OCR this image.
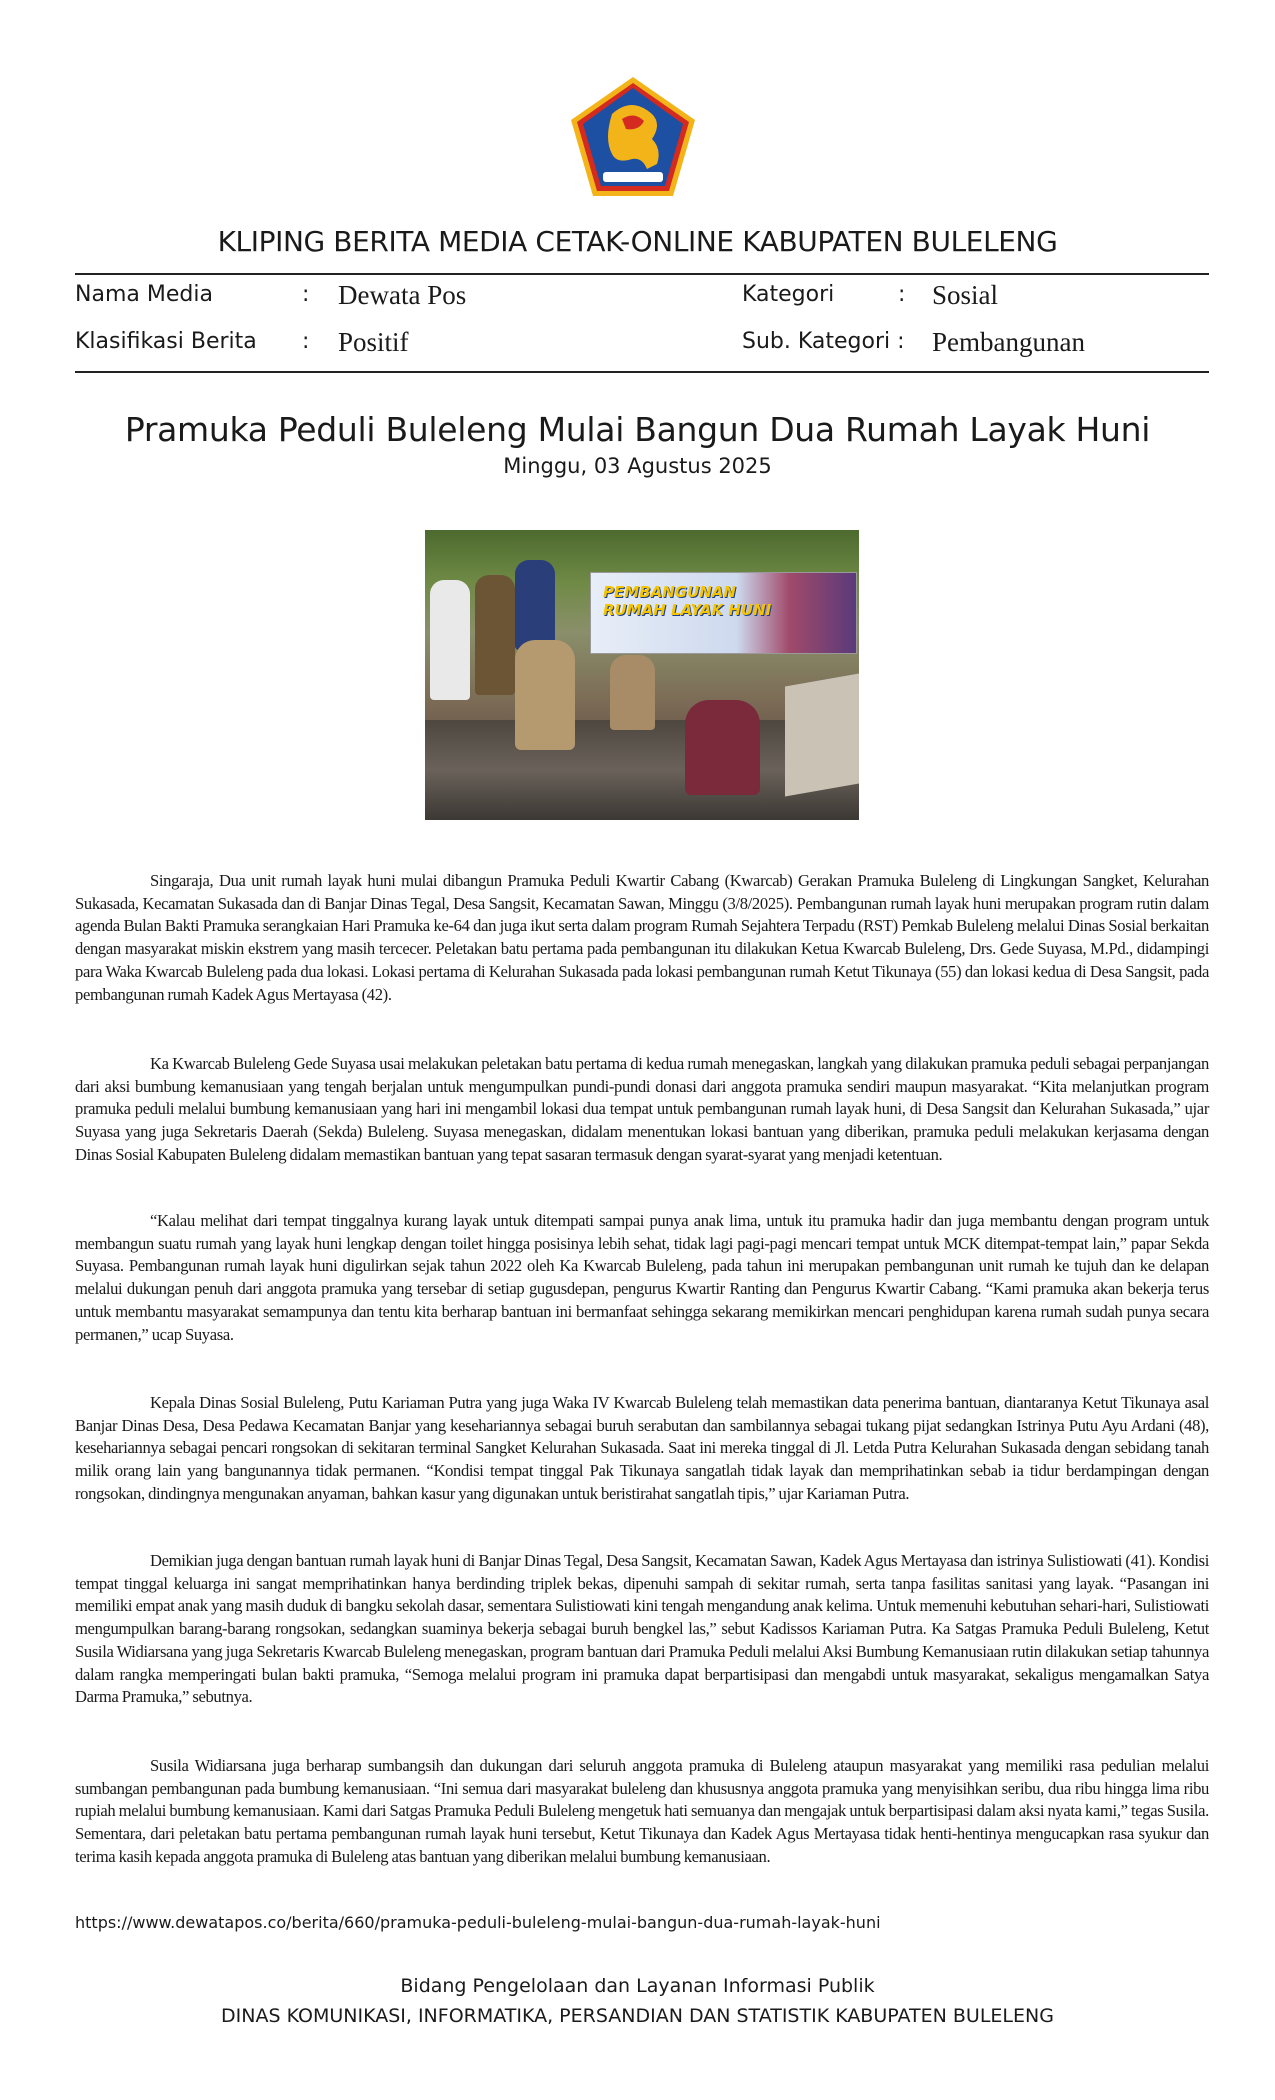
KLIPING BERITA MEDIA CETAK-ONLINE KABUPATEN BULELENG
Nama Media	: Dewata Pos	Kategori	: Sosial
Klasifikasi Berita : Positif	Sub. Kategori : Pembangunan
Pramuka Peduli Buleleng Mulai Bangun Dua Rumah Layak Huni
Minggu, 03 Agustus 2025
PEMBANGUNAN RUMAH LAYAK HUNI

Singaraja, Dua unit rumah layak huni mulai dibangun Pramuka Peduli Kwartir Cabang (Kwarcab) Gerakan Pramuka Buleleng di Lingkungan Sangket, Kelurahan Sukasada, Kecamatan Sukasada dan di Banjar Dinas Tegal, Desa Sangsit, Kecamatan Sawan, Minggu (3/8/2025). Pembangunan rumah layak huni merupakan program rutin dalam agenda Bulan Bakti Pramuka serangkaian Hari Pramuka ke-64 dan juga ikut serta dalam program Rumah Sejahtera Terpadu (RST) Pemkab Buleleng melalui Dinas Sosial berkaitan dengan masyarakat miskin ekstrem yang masih tercecer. Peletakan batu pertama pada pembangunan itu dilakukan Ketua Kwarcab Buleleng, Drs. Gede Suyasa, M.Pd., didampingi para Waka Kwarcab Buleleng pada dua lokasi. Lokasi pertama di Kelurahan Sukasada pada lokasi pembangunan rumah Ketut Tikunaya (55) dan lokasi kedua di Desa Sangsit, pada pembangunan rumah Kadek Agus Mertayasa (42).

Ka Kwarcab Buleleng Gede Suyasa usai melakukan peletakan batu pertama di kedua rumah menegaskan, langkah yang dilakukan pramuka peduli sebagai perpanjangan dari aksi bumbung kemanusiaan yang tengah berjalan untuk mengumpulkan pundi-pundi donasi dari anggota pramuka sendiri maupun masyarakat. “Kita melanjutkan program pramuka peduli melalui bumbung kemanusiaan yang hari ini mengambil lokasi dua tempat untuk pembangunan rumah layak huni, di Desa Sangsit dan Kelurahan Sukasada,” ujar Suyasa yang juga Sekretaris Daerah (Sekda) Buleleng. Suyasa menegaskan, didalam menentukan lokasi bantuan yang diberikan, pramuka peduli melakukan kerjasama dengan Dinas Sosial Kabupaten Buleleng didalam memastikan bantuan yang tepat sasaran termasuk dengan syarat-syarat yang menjadi ketentuan.

“Kalau melihat dari tempat tinggalnya kurang layak untuk ditempati sampai punya anak lima, untuk itu pramuka hadir dan juga membantu dengan program untuk membangun suatu rumah yang layak huni lengkap dengan toilet hingga posisinya lebih sehat, tidak lagi pagi-pagi mencari tempat untuk MCK ditempat-tempat lain,” papar Sekda Suyasa. Pembangunan rumah layak huni digulirkan sejak tahun 2022 oleh Ka Kwarcab Buleleng, pada tahun ini merupakan pembangunan unit rumah ke tujuh dan ke delapan melalui dukungan penuh dari anggota pramuka yang tersebar di setiap gugusdepan, pengurus Kwartir Ranting dan Pengurus Kwartir Cabang. “Kami pramuka akan bekerja terus untuk membantu masyarakat semampunya dan tentu kita berharap bantuan ini bermanfaat sehingga sekarang memikirkan mencari penghidupan karena rumah sudah punya secara permanen,” ucap Suyasa.

Kepala Dinas Sosial Buleleng, Putu Kariaman Putra yang juga Waka IV Kwarcab Buleleng telah memastikan data penerima bantuan, diantaranya Ketut Tikunaya asal Banjar Dinas Desa, Desa Pedawa Kecamatan Banjar yang kesehariannya sebagai buruh serabutan dan sambilannya sebagai tukang pijat sedangkan Istrinya Putu Ayu Ardani (48), kesehariannya sebagai pencari rongsokan di sekitaran terminal Sangket Kelurahan Sukasada. Saat ini mereka tinggal di Jl. Letda Putra Kelurahan Sukasada dengan sebidang tanah milik orang lain yang bangunannya tidak permanen. “Kondisi tempat tinggal Pak Tikunaya sangatlah tidak layak dan memprihatinkan sebab ia tidur berdampingan dengan rongsokan, dindingnya mengunakan anyaman, bahkan kasur yang digunakan untuk beristirahat sangatlah tipis,” ujar Kariaman Putra.

Demikian juga dengan bantuan rumah layak huni di Banjar Dinas Tegal, Desa Sangsit, Kecamatan Sawan, Kadek Agus Mertayasa dan istrinya Sulistiowati (41). Kondisi tempat tinggal keluarga ini sangat memprihatinkan hanya berdinding triplek bekas, dipenuhi sampah di sekitar rumah, serta tanpa fasilitas sanitasi yang layak. “Pasangan ini memiliki empat anak yang masih duduk di bangku sekolah dasar, sementara Sulistiowati kini tengah mengandung anak kelima. Untuk memenuhi kebutuhan sehari-hari, Sulistiowati mengumpulkan barang-barang rongsokan, sedangkan suaminya bekerja sebagai buruh bengkel las,” sebut Kadissos Kariaman Putra. Ka Satgas Pramuka Peduli Buleleng, Ketut Susila Widiarsana yang juga Sekretaris Kwarcab Buleleng menegaskan, program bantuan dari Pramuka Peduli melalui Aksi Bumbung Kemanusiaan rutin dilakukan setiap tahunnya dalam rangka memperingati bulan bakti pramuka, “Semoga melalui program ini pramuka dapat berpartisipasi dan mengabdi untuk masyarakat, sekaligus mengamalkan Satya Darma Pramuka,” sebutnya.

Susila Widiarsana juga berharap sumbangsih dan dukungan dari seluruh anggota pramuka di Buleleng ataupun masyarakat yang memiliki rasa pedulian melalui sumbangan pembangunan pada bumbung kemanusiaan. “Ini semua dari masyarakat buleleng dan khususnya anggota pramuka yang menyisihkan seribu, dua ribu hingga lima ribu rupiah melalui bumbung kemanusiaan. Kami dari Satgas Pramuka Peduli Buleleng mengetuk hati semuanya dan mengajak untuk berpartisipasi dalam aksi nyata kami,” tegas Susila. Sementara, dari peletakan batu pertama pembangunan rumah layak huni tersebut, Ketut Tikunaya dan Kadek Agus Mertayasa tidak henti-hentinya mengucapkan rasa syukur dan terima kasih kepada anggota pramuka di Buleleng atas bantuan yang diberikan melalui bumbung kemanusiaan.

https://www.dewatapos.co/berita/660/pramuka-peduli-buleleng-mulai-bangun-dua-rumah-layak-huni
Bidang Pengelolaan dan Layanan Informasi Publik
DINAS KOMUNIKASI, INFORMATIKA, PERSANDIAN DAN STATISTIK KABUPATEN BULELENG
